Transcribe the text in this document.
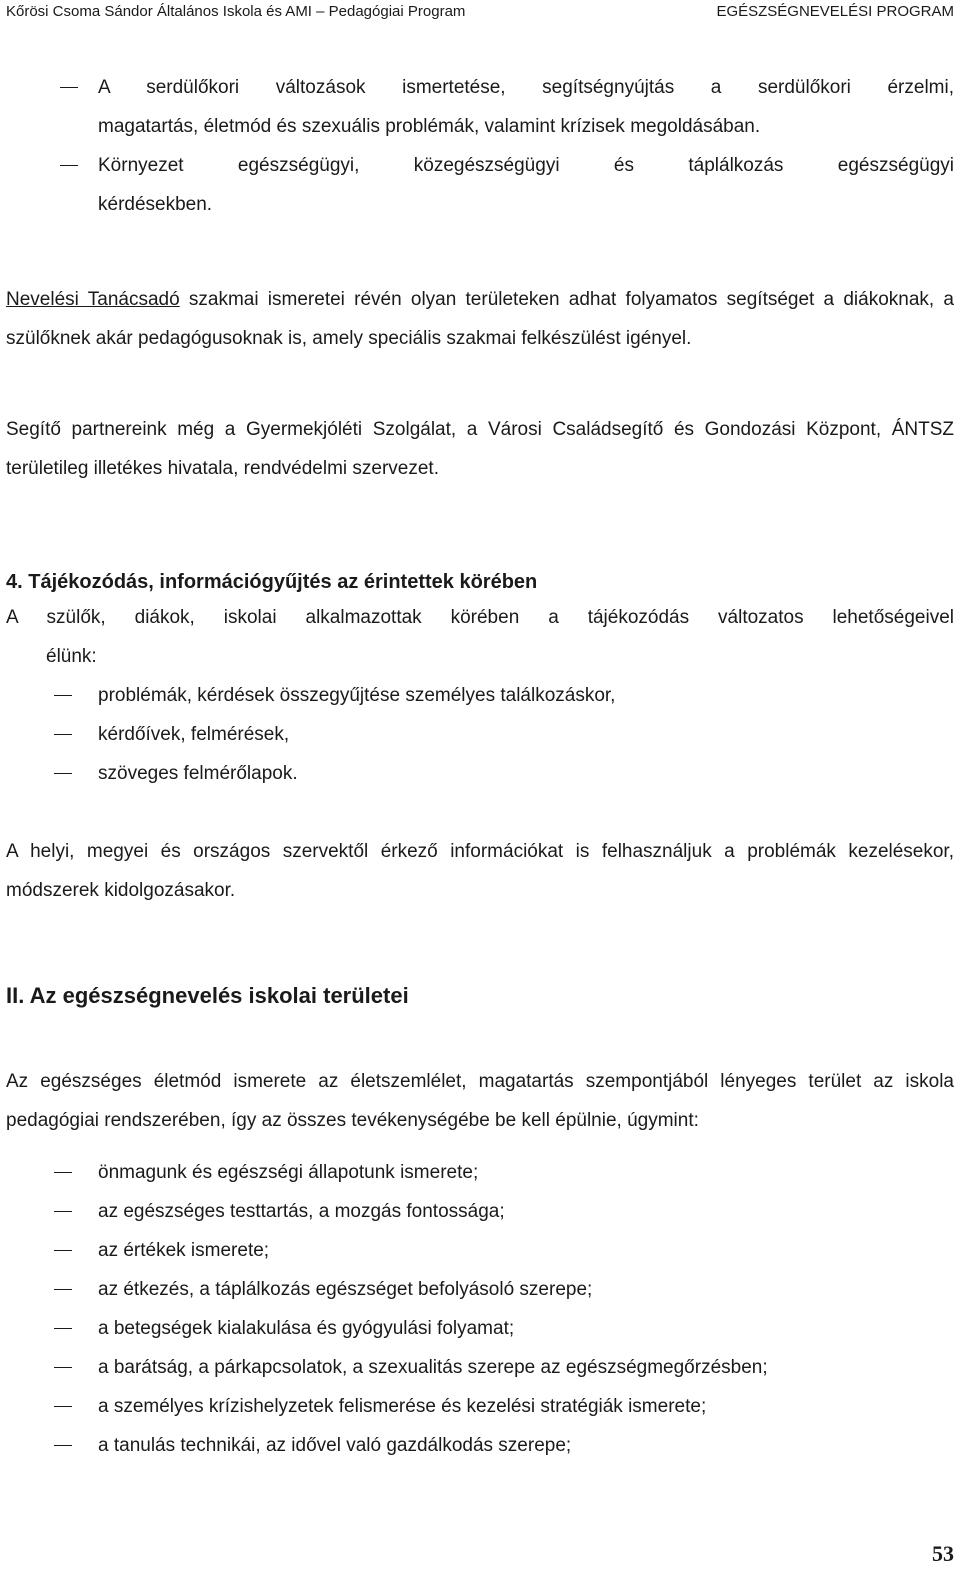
Kőrösi Csoma Sándor Általános Iskola és AMI – Pedagógiai Program	EGÉSZSÉGNEVELÉSI PROGRAM
A serdülőkori változások ismertetése, segítségnyújtás a serdülőkori érzelmi,
magatartás, életmód és szexuális problémák, valamint krízisek megoldásában.
Környezet egészségügyi, közegészségügyi és táplálkozás egészségügyi
kérdésekben.
Nevelési Tanácsadó szakmai ismeretei révén olyan területeken adhat folyamatos segítséget a diákoknak, a szülőknek akár pedagógusoknak is, amely speciális szakmai felkészülést igényel.
Segítő partnereink még a Gyermekjóléti Szolgálat, a Városi Családsegítő és Gondozási Központ, ÁNTSZ területileg illetékes hivatala, rendvédelmi szervezet.
4. Tájékozódás, információgyűjtés az érintettek körében
A szülők, diákok, iskolai alkalmazottak körében a tájékozódás változatos lehetőségeivel
élünk:
problémák, kérdések összegyűjtése személyes találkozáskor,
kérdőívek, felmérések,
szöveges felmérőlapok.
A helyi, megyei és országos szervektől érkező információkat is felhasználjuk a problémák kezelésekor, módszerek kidolgozásakor.
II. Az egészségnevelés iskolai területei
Az egészséges életmód ismerete az életszemlélet, magatartás szempontjából lényeges terület az iskola pedagógiai rendszerében, így az összes tevékenységébe be kell épülnie, úgymint:
önmagunk és egészségi állapotunk ismerete;
az egészséges testtartás, a mozgás fontossága;
az értékek ismerete;
az étkezés, a táplálkozás egészséget befolyásoló szerepe;
a betegségek kialakulása és gyógyulási folyamat;
a barátság, a párkapcsolatok, a szexualitás szerepe az egészségmegőrzésben;
a személyes krízishelyzetek felismerése és kezelési stratégiák ismerete;
a tanulás technikái, az idővel való gazdálkodás szerepe;
53
